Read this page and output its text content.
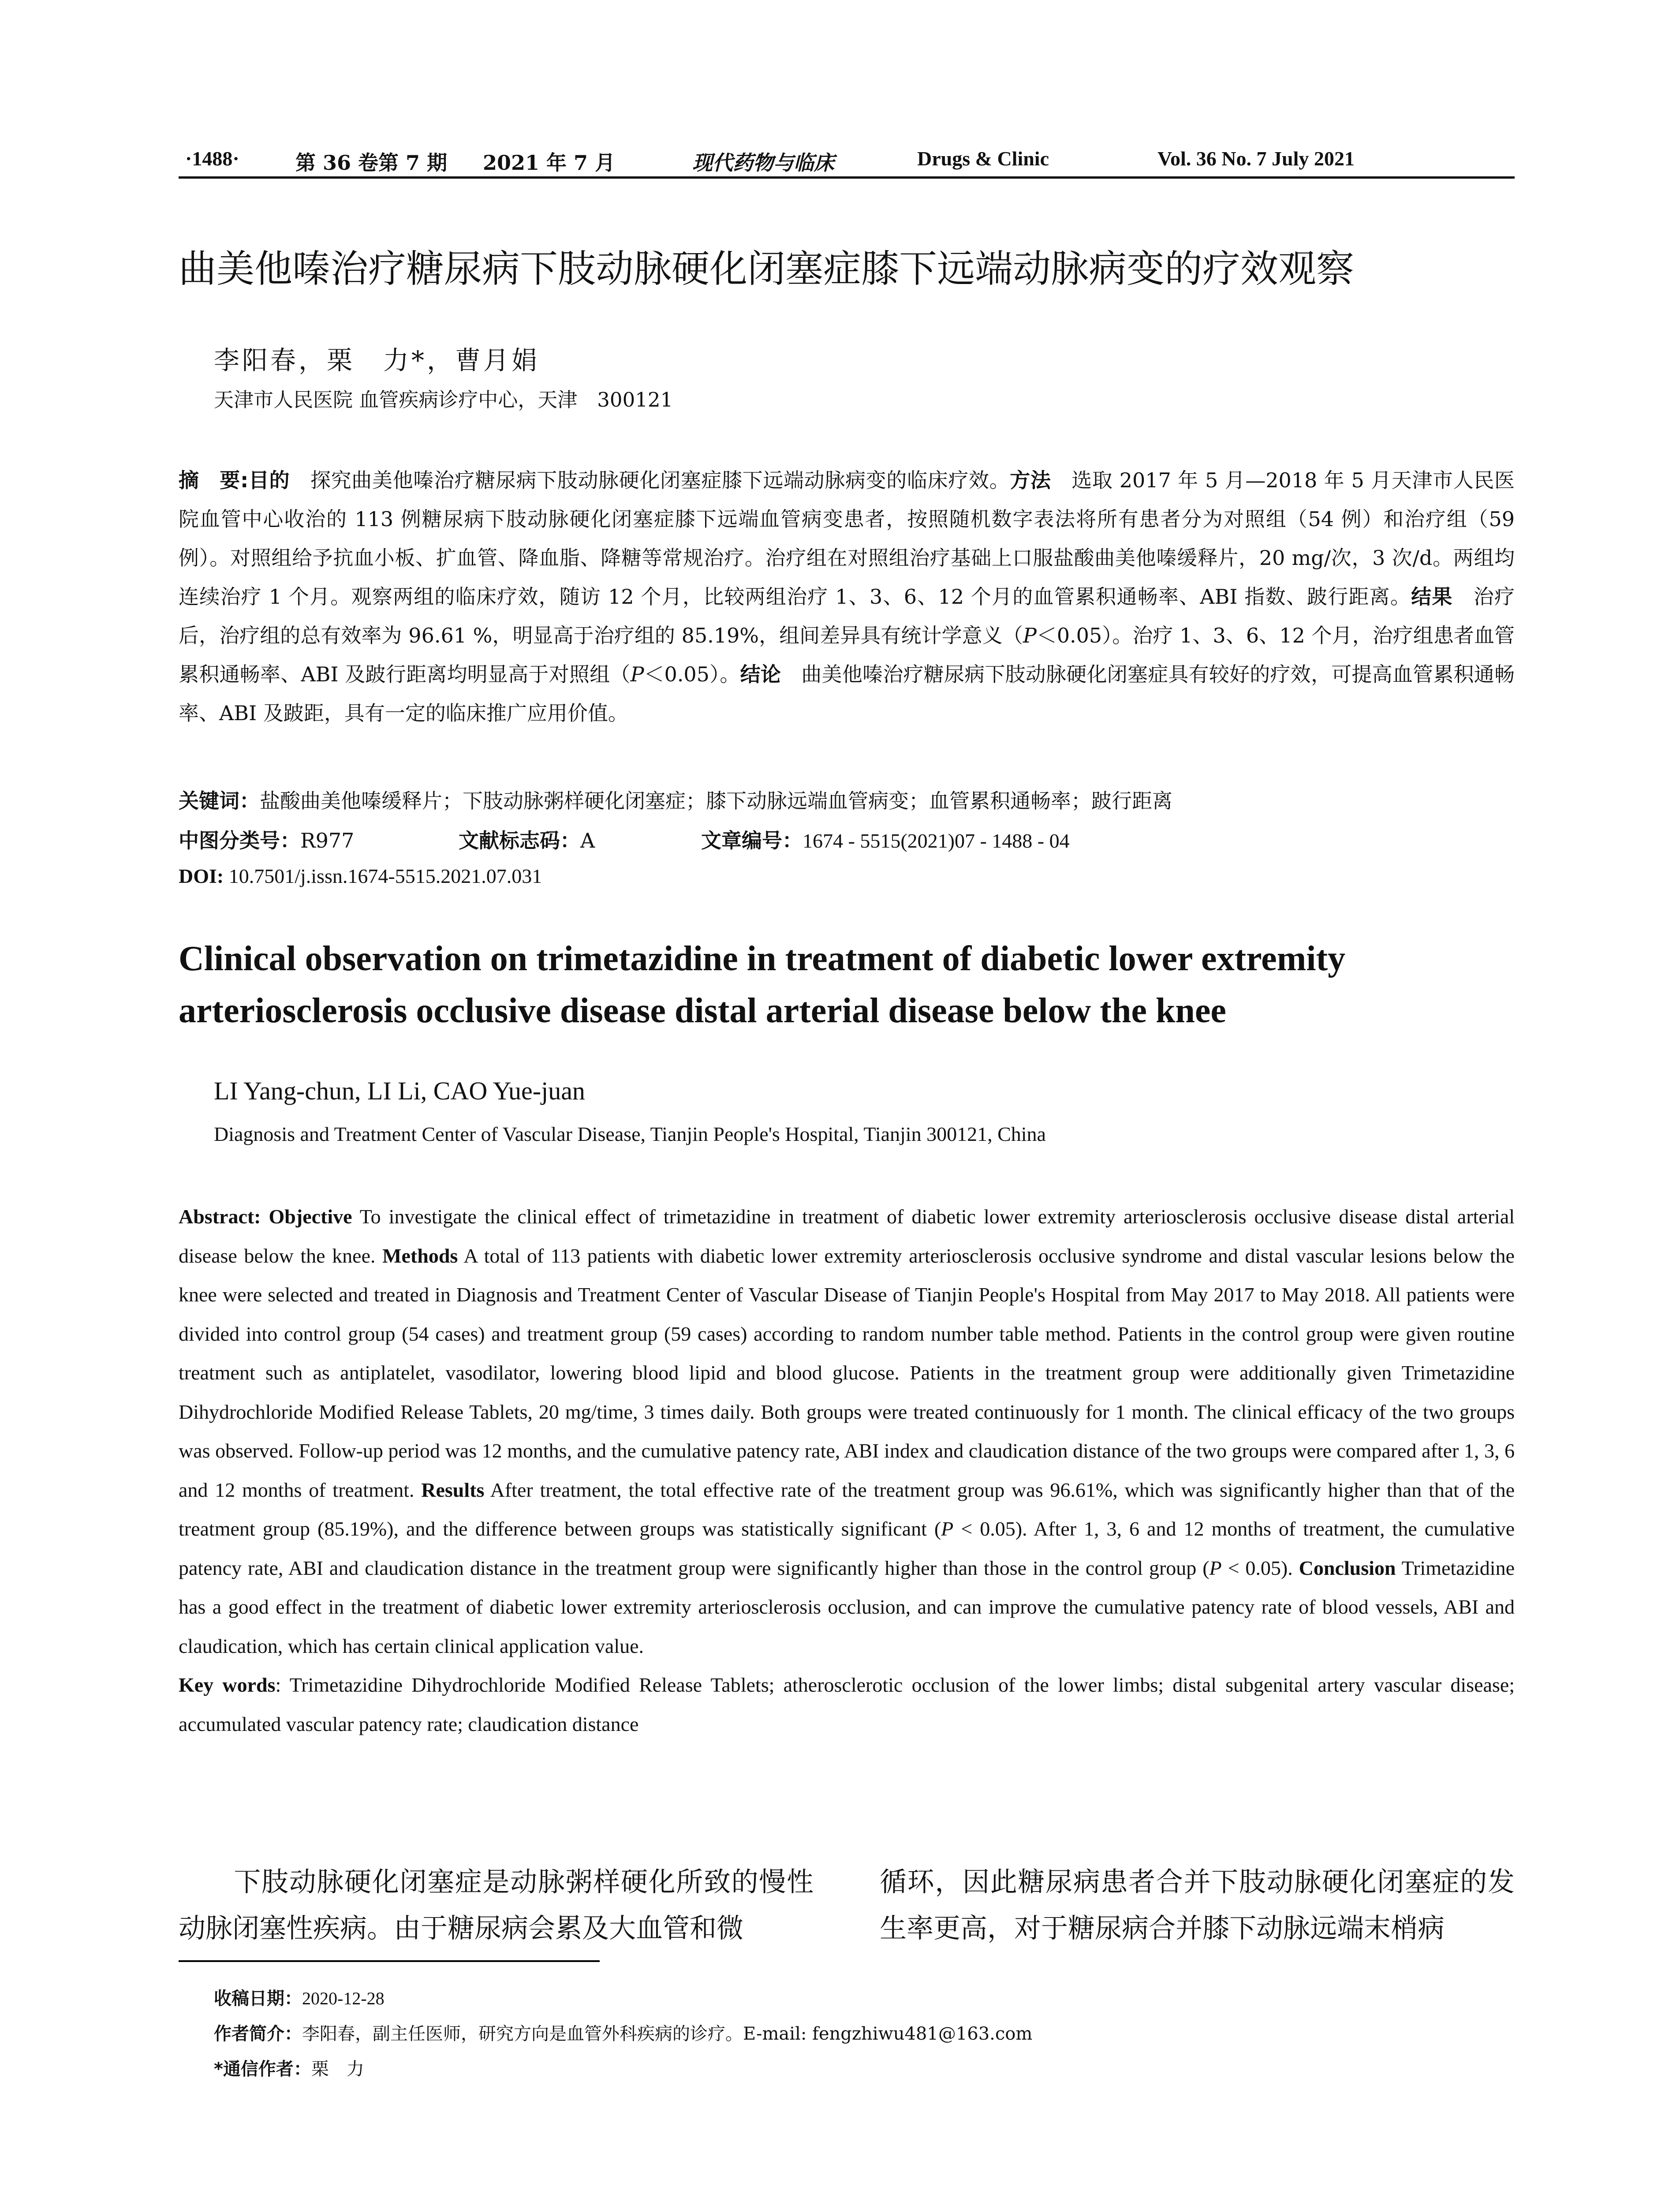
·1488·	第 36 卷第 7 期 2021 年 7 月	现代药物与临床	Drugs & Clinic	Vol. 36 No. 7 July 2021
曲美他嗪治疗糖尿病下肢动脉硬化闭塞症膝下远端动脉病变的疗效观察
李阳春，栗　力*，曹月娟
天津市人民医院 血管疾病诊疗中心，天津　300121
摘　要:目的　探究曲美他嗪治疗糖尿病下肢动脉硬化闭塞症膝下远端动脉病变的临床疗效。方法　选取 2017 年 5 月—2018 年 5 月天津市人民医院血管中心收治的 113 例糖尿病下肢动脉硬化闭塞症膝下远端血管病变患者，按照随机数字表法将所有患者分为对照组（54 例）和治疗组（59 例）。对照组给予抗血小板、扩血管、降血脂、降糖等常规治疗。治疗组在对照组治疗基础上口服盐酸曲美他嗪缓释片，20 mg/次，3 次/d。两组均连续治疗 1 个月。观察两组的临床疗效，随访 12 个月，比较两组治疗 1、3、6、12 个月的血管累积通畅率、ABI 指数、跛行距离。结果　治疗后，治疗组的总有效率为 96.61 %，明显高于治疗组的 85.19%，组间差异具有统计学意义（P＜0.05）。治疗 1、3、6、12 个月，治疗组患者血管累积通畅率、ABI 及跛行距离均明显高于对照组（P＜0.05）。结论　曲美他嗪治疗糖尿病下肢动脉硬化闭塞症具有较好的疗效，可提高血管累积通畅率、ABI 及跛距，具有一定的临床推广应用价值。
关键词：盐酸曲美他嗪缓释片；下肢动脉粥样硬化闭塞症；膝下动脉远端血管病变；血管累积通畅率；跛行距离
中图分类号：R977	文献标志码：A	文章编号：1674 - 5515(2021)07 - 1488 - 04
DOI: 10.7501/j.issn.1674-5515.2021.07.031
Clinical observation on trimetazidine in treatment of diabetic lower extremity
arteriosclerosis occlusive disease distal arterial disease below the knee
LI Yang-chun, LI Li, CAO Yue-juan
Diagnosis and Treatment Center of Vascular Disease, Tianjin People's Hospital, Tianjin 300121, China
Abstract: Objective To investigate the clinical effect of trimetazidine in treatment of diabetic lower extremity arteriosclerosis occlusive disease distal arterial disease below the knee. Methods A total of 113 patients with diabetic lower extremity arteriosclerosis occlusive syndrome and distal vascular lesions below the knee were selected and treated in Diagnosis and Treatment Center of Vascular Disease of Tianjin People's Hospital from May 2017 to May 2018. All patients were divided into control group (54 cases) and treatment group (59 cases) according to random number table method. Patients in the control group were given routine treatment such as antiplatelet, vasodilator, lowering blood lipid and blood glucose. Patients in the treatment group were additionally given Trimetazidine Dihydrochloride Modified Release Tablets, 20 mg/time, 3 times daily. Both groups were treated continuously for 1 month. The clinical efficacy of the two groups was observed. Follow-up period was 12 months, and the cumulative patency rate, ABI index and claudication distance of the two groups were compared after 1, 3, 6 and 12 months of treatment. Results After treatment, the total effective rate of the treatment group was 96.61%, which was significantly higher than that of the treatment group (85.19%), and the difference between groups was statistically significant (P < 0.05). After 1, 3, 6 and 12 months of treatment, the cumulative patency rate, ABI and claudication distance in the treatment group were significantly higher than those in the control group (P < 0.05). Conclusion Trimetazidine has a good effect in the treatment of diabetic lower extremity arteriosclerosis occlusion, and can improve the cumulative patency rate of blood vessels, ABI and claudication, which has certain clinical application value.
Key words: Trimetazidine Dihydrochloride Modified Release Tablets; atherosclerotic occlusion of the lower limbs; distal subgenital artery vascular disease; accumulated vascular patency rate; claudication distance
　　下肢动脉硬化闭塞症是动脉粥样硬化所致的慢性动脉闭塞性疾病。由于糖尿病会累及大血管和微
循环，因此糖尿病患者合并下肢动脉硬化闭塞症的发生率更高，对于糖尿病合并膝下动脉远端末梢病
收稿日期：2020-12-28
作者简介：李阳春，副主任医师，研究方向是血管外科疾病的诊疗。E-mail: fengzhiwu481@163.com
*通信作者：栗　力
